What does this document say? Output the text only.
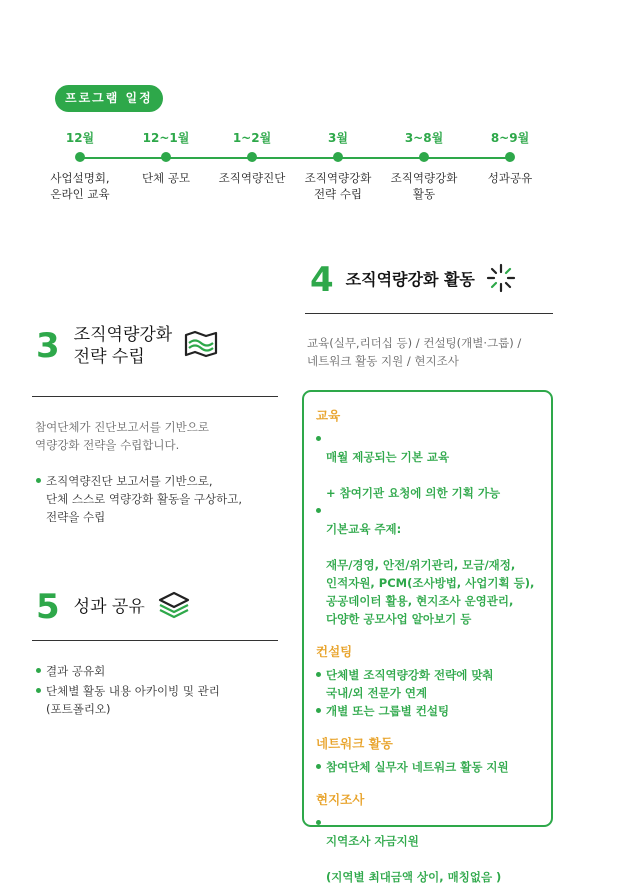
프로그램 일정
12월
사업설명회,
온라인 교육
12~1월
단체 공모
1~2월
조직역량진단
3월
조직역량강화
전략 수립
3~8월
조직역량강화
활동
8~9월
성과공유
4 조직역량강화 활동
교육(실무,리더십 등) / 컨설팅(개별·그룹) /
네트워크 활동 지원 / 현지조사
3 조직역량강화
전략 수립
참여단체가 진단보고서를 기반으로
역량강화 전략을 수립합니다.
조직역량진단 보고서를 기반으로,
단체 스스로 역량강화 활동을 구상하고,
전략을 수립
5 성과 공유
결과 공유회
단체별 활동 내용 아카이빙 및 관리
(포트폴리오)
교육

매월 제공되는 기본 교육

+ 참여기관 요청에 의한 기획 가능

기본교육 주제:

재무/경영, 안전/위기관리, 모금/재정,
인적자원, PCM(조사방법, 사업기획 등),
공공데이터 활용, 현지조사 운영관리,
다양한 공모사업 알아보기 등

컨설팅
단체별 조직역량강화 전략에 맞춰
국내/외 전문가 연계
개별 또는 그룹별 컨설팅
네트워크 활동
참여단체 실무자 네트워크 활동 지원
현지조사

지역조사 자금지원

(지역별 최대금액 상이, 매칭없음 )
